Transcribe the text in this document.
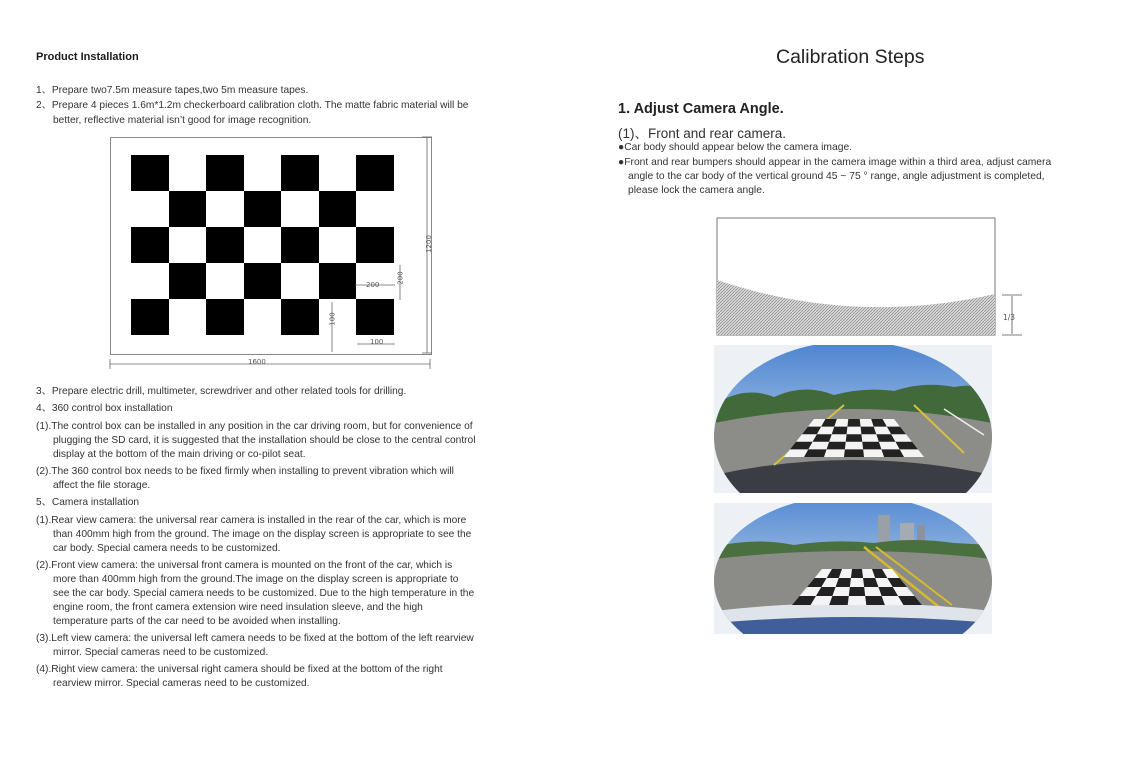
Product Installation
1、Prepare two7.5m measure tapes,two 5m measure tapes.
2、Prepare 4 pieces 1.6m*1.2m checkerboard calibration cloth. The matte fabric material will be
better, reflective material isn’t good for image recognition.
1600
1200
200
200
100
100
3、Prepare electric drill, multimeter, screwdriver and other related tools for drilling.
4、360 control box installation
(1).The control box can be installed in any position in the car driving room, but for convenience of
plugging the SD card, it is suggested that the installation should be close to the central control
display at the bottom of the main driving or co-pilot seat.
(2).The 360 control box needs to be fixed firmly when installing to prevent vibration which will
affect the file storage.
5、Camera installation
(1).Rear view camera: the universal rear camera is installed in the rear of the car, which is more
than 400mm high from the ground. The image on the display screen is appropriate to see the
car body. Special camera needs to be customized.
(2).Front view camera: the universal front camera is mounted on the front of the car, which is
more than 400mm high from the ground.The image on the display screen is appropriate to
see the car body. Special camera needs to be customized. Due to the high temperature in the
engine room, the front camera extension wire need insulation sleeve, and the high
temperature parts of the car need to be avoided when installing.
(3).Left view camera: the universal left camera needs to be fixed at the bottom of the left rearview
mirror. Special cameras need to be customized.
(4).Right view camera: the universal right camera should be fixed at the bottom of the right
rearview mirror. Special cameras need to be customized.
Calibration Steps
1. Adjust Camera Angle.
(1)、Front and rear camera.
●Car body should appear below the camera image.
●Front and rear bumpers should appear in the camera image within a third area, adjust camera
angle to the car body of the vertical ground 45 ~ 75 ° range, angle adjustment is completed,
please lock the camera angle.
1/3
